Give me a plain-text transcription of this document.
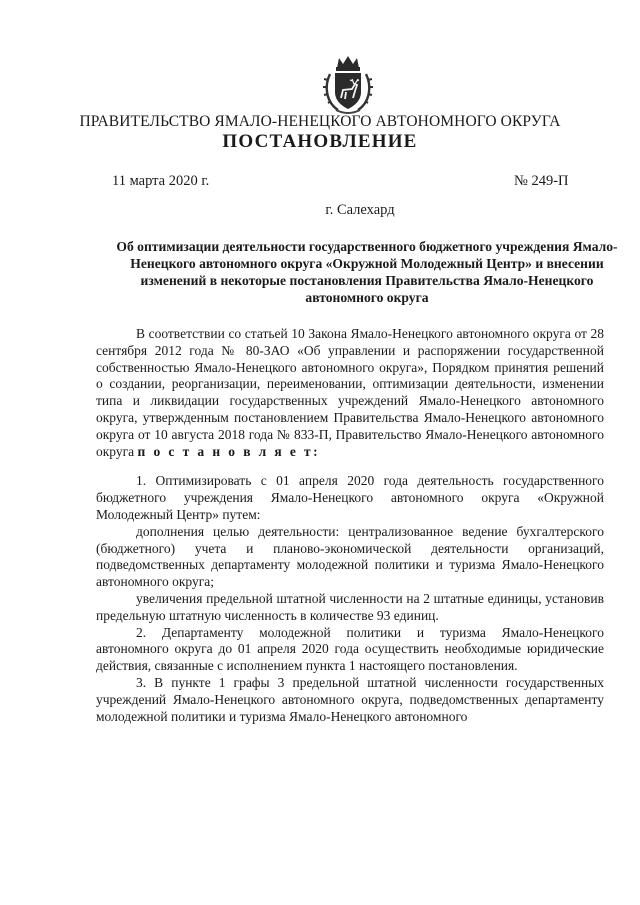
ПРАВИТЕЛЬСТВО ЯМАЛО-НЕНЕЦКОГО АВТОНОМНОГО ОКРУГА
ПОСТАНОВЛЕНИЕ
11 марта 2020 г.	№ 249-П
г. Салехард
Об оптимизации деятельности государственного бюджетного учреждения Ямало-Ненецкого автономного округа «Окружной Молодежный Центр» и внесении изменений в некоторые постановления Правительства Ямало-Ненецкого автономного округа

В соответствии со статьей 10 Закона Ямало-Ненецкого автономного округа от 28 сентября 2012 года № 80-ЗАО «Об управлении и распоряжении государственной собственностью Ямало-Ненецкого автономного округа», Порядком принятия решений о создании, реорганизации, переименовании, оптимизации деятельности, изменении типа и ликвидации государственных учреждений Ямало-Ненецкого автономного округа, утвержденным постановлением Правительства Ямало-Ненецкого автономного округа от 10 августа 2018 года № 833-П, Правительство Ямало-Ненецкого автономного округа п о с т а н о в л я е т:

1. Оптимизировать с 01 апреля 2020 года деятельность государственного бюджетного учреждения Ямало-Ненецкого автономного округа «Окружной Молодежный Центр» путем:

дополнения целью деятельности: централизованное ведение бухгалтерского (бюджетного) учета и планово-экономической деятельности организаций, подведомственных департаменту молодежной политики и туризма Ямало-Ненецкого автономного округа;

увеличения предельной штатной численности на 2 штатные единицы, установив предельную штатную численность в количестве 93 единиц.

2. Департаменту молодежной политики и туризма Ямало-Ненецкого автономного округа до 01 апреля 2020 года осуществить необходимые юридические действия, связанные с исполнением пункта 1 настоящего постановления.

3. В пункте 1 графы 3 предельной штатной численности государственных учреждений Ямало-Ненецкого автономного округа, подведомственных департаменту молодежной политики и туризма Ямало-Ненецкого автономного
